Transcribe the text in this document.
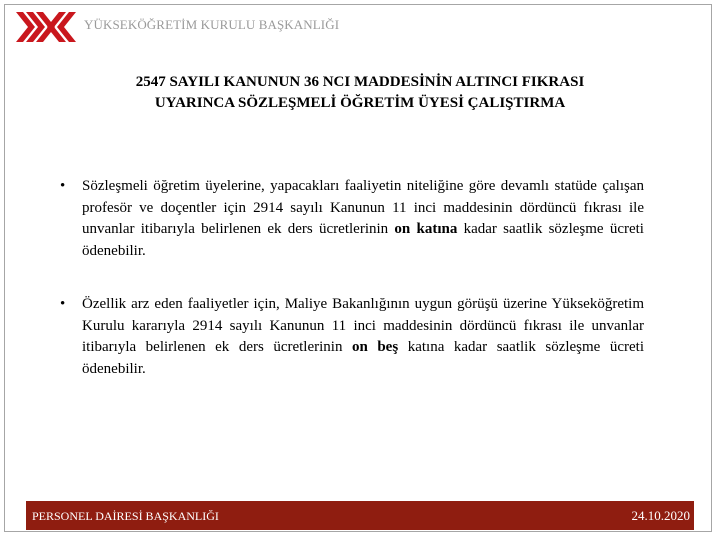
YÜKSEKÖĞRETİM KURULU BAŞKANLIĞI
2547 SAYILI KANUNUN 36 NCI MADDESİNİN ALTINCI FIKRASI
UYARINCA SÖZLEŞMELİ ÖĞRETİM ÜYESİ ÇALIŞTIRMA
• Sözleşmeli öğretim üyelerine, yapacakları faaliyetin niteliğine göre devamlı statüde çalışan profesör ve doçentler için 2914 sayılı Kanunun 11 inci maddesinin dördüncü fıkrası ile unvanlar itibarıyla belirlenen ek ders ücretlerinin on katına kadar saatlik sözleşme ücreti ödenebilir.
• Özellik arz eden faaliyetler için, Maliye Bakanlığının uygun görüşü üzerine Yükseköğretim Kurulu kararıyla 2914 sayılı Kanunun 11 inci maddesinin dördüncü fıkrası ile unvanlar itibarıyla belirlenen ek ders ücretlerinin on beş katına kadar saatlik sözleşme ücreti ödenebilir.
PERSONEL DAİRESİ BAŞKANLIĞI	24.10.2020
